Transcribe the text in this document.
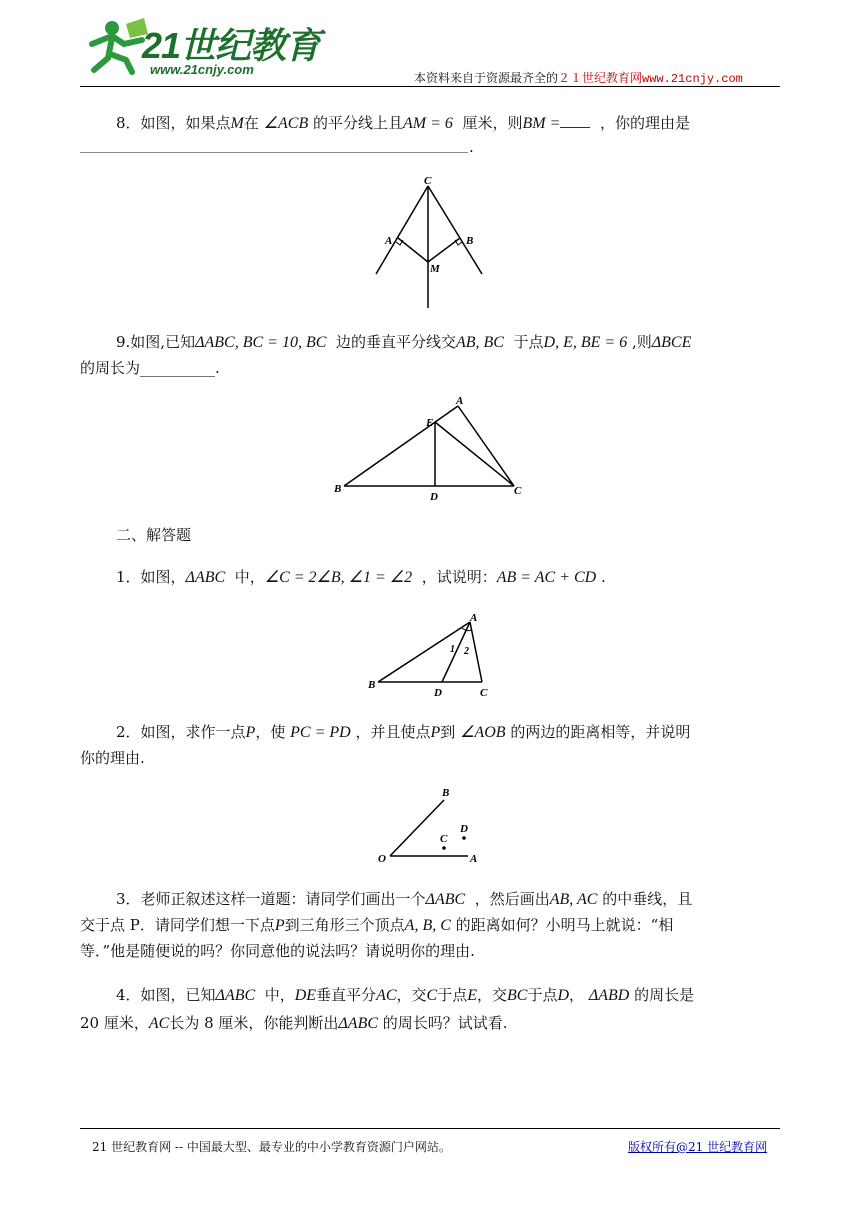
21世纪教育
www.21cnjy.com
本资料来自于资源最齐全的２１世纪教育网www.21cnjy.com
8．如图，如果点M在 ∠ACB 的平分线上且AM = 6 厘米，则BM =	，你的理由是
.
C
A	B
M
9.如图,已知ΔABC, BC = 10, BC 边的垂直平分线交AB, BC 于点D, E, BE = 6 ,则ΔBCE
的周长为__________.
E
A
B
D	C
二、解答题
1．如图，ΔABC 中，∠C = 2∠B, ∠1 = ∠2 ，试说明：AB = AC + CD .
A
1 2
B
D	C
2．如图，求作一点P，使 PC = PD ，并且使点P到 ∠AOB 的两边的距离相等，并说明
你的理由.
B
C
D
O	A
3．老师正叙述这样一道题：请同学们画出一个ΔABC ，然后画出AB, AC 的中垂线，且
交于点 P．请同学们想一下点P到三角形三个顶点A, B, C 的距离如何？小明马上就说：“相
等．”他是随便说的吗？你同意他的说法吗？请说明你的理由.
4．如图，已知ΔABC 中，DE垂直平分AC，交C于点E，交BC于点D， ΔABD 的周长是
20 厘米，AC长为 8 厘米，你能判断出ΔABC 的周长吗？试试看.
21 世纪教育网 -- 中国最大型、最专业的中小学教育资源门户网站。	版权所有@21 世纪教育网
